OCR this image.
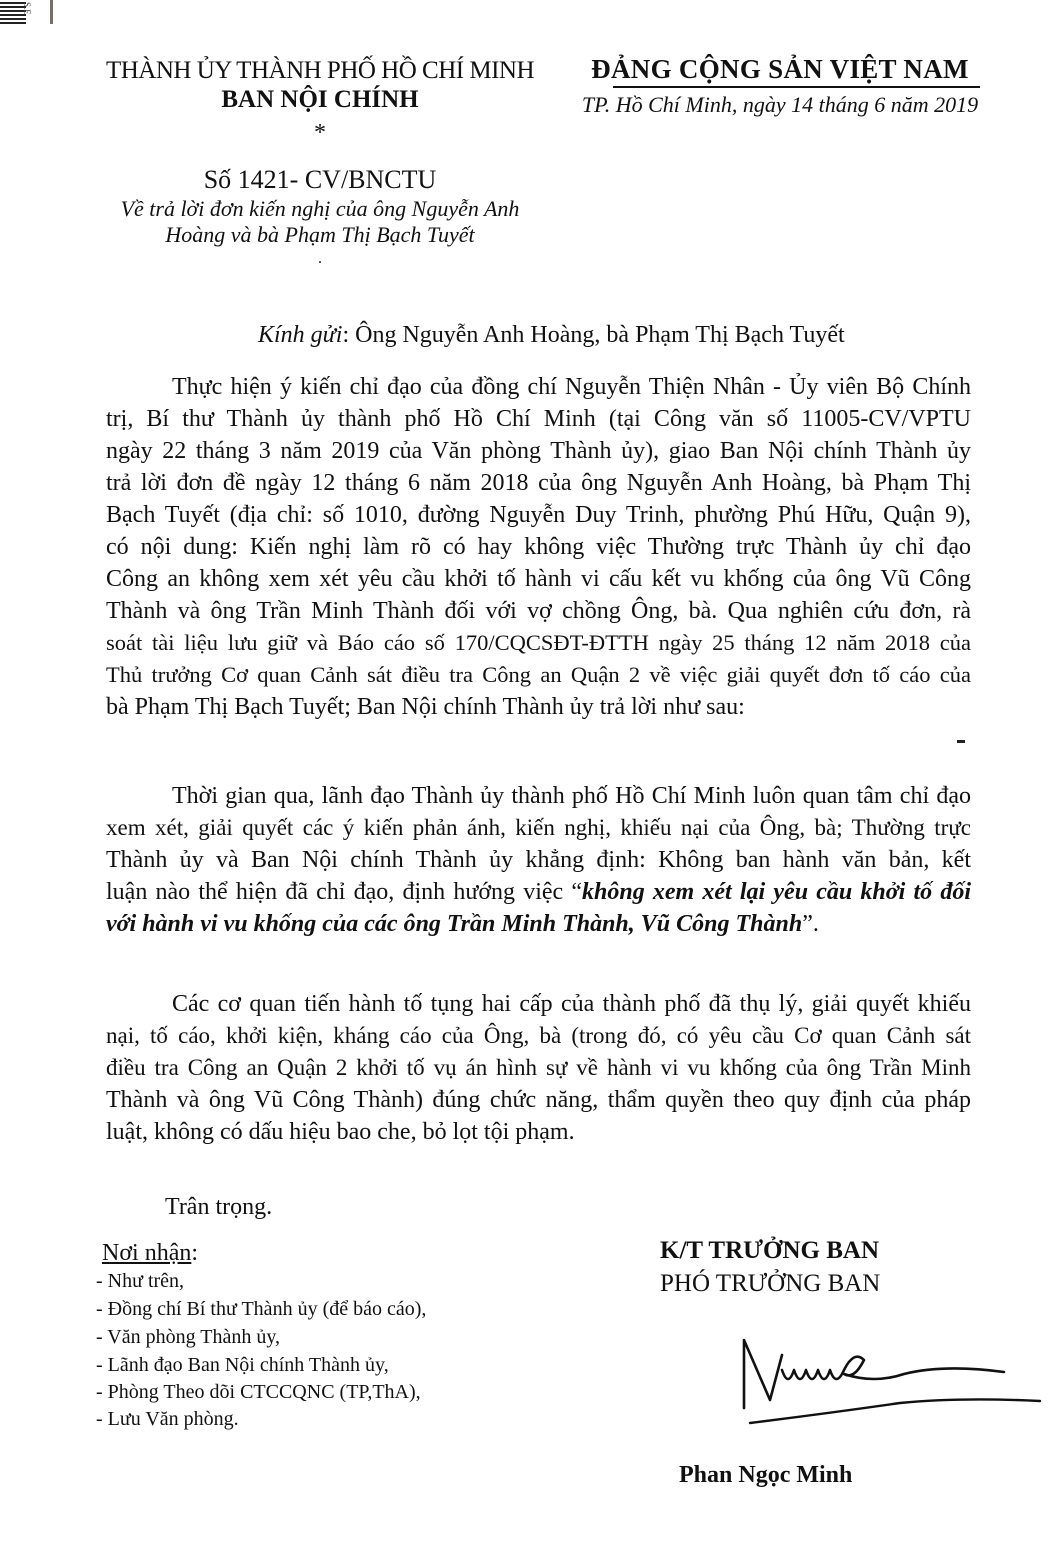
S.E
THÀNH ỦY THÀNH PHỐ HỒ CHÍ MINH
BAN NỘI CHÍNH
*
Số 1421- CV/BNCTU
Về trả lời đơn kiến nghị của ông Nguyễn Anh
Hoàng và bà Phạm Thị Bạch Tuyết
.
ĐẢNG CỘNG SẢN VIỆT NAM
TP. Hồ Chí Minh, ngày 14 tháng 6 năm 2019
Kính gửi: Ông Nguyễn Anh Hoàng, bà Phạm Thị Bạch Tuyết
Thực hiện ý kiến chỉ đạo của đồng chí Nguyễn Thiện Nhân - Ủy viên Bộ Chính
trị, Bí thư Thành ủy thành phố Hồ Chí Minh (tại Công văn số 11005-CV/VPTU
ngày 22 tháng 3 năm 2019 của Văn phòng Thành ủy), giao Ban Nội chính Thành ủy
trả lời đơn đề ngày 12 tháng 6 năm 2018 của ông Nguyễn Anh Hoàng, bà Phạm Thị
Bạch Tuyết (địa chỉ: số 1010, đường Nguyễn Duy Trinh, phường Phú Hữu, Quận 9),
có nội dung: Kiến nghị làm rõ có hay không việc Thường trực Thành ủy chỉ đạo
Công an không xem xét yêu cầu khởi tố hành vi cấu kết vu khống của ông Vũ Công
Thành và ông Trần Minh Thành đối với vợ chồng Ông, bà. Qua nghiên cứu đơn, rà
soát tài liệu lưu giữ và Báo cáo số 170/CQCSĐT-ĐTTH ngày 25 tháng 12 năm 2018 của
Thủ trưởng Cơ quan Cảnh sát điều tra Công an Quận 2 về việc giải quyết đơn tố cáo của
bà Phạm Thị Bạch Tuyết; Ban Nội chính Thành ủy trả lời như sau:
Thời gian qua, lãnh đạo Thành ủy thành phố Hồ Chí Minh luôn quan tâm chỉ đạo
xem xét, giải quyết các ý kiến phản ánh, kiến nghị, khiếu nại của Ông, bà; Thường trực
Thành ủy và Ban Nội chính Thành ủy khẳng định: Không ban hành văn bản, kết
luận nào thể hiện đã chỉ đạo, định hướng việc “không xem xét lại yêu cầu khởi tố đối
với hành vi vu khống của các ông Trần Minh Thành, Vũ Công Thành”.
Các cơ quan tiến hành tố tụng hai cấp của thành phố đã thụ lý, giải quyết khiếu
nại, tố cáo, khởi kiện, kháng cáo của Ông, bà (trong đó, có yêu cầu Cơ quan Cảnh sát
điều tra Công an Quận 2 khởi tố vụ án hình sự về hành vi vu khống của ông Trần Minh
Thành và ông Vũ Công Thành) đúng chức năng, thẩm quyền theo quy định của pháp
luật, không có dấu hiệu bao che, bỏ lọt tội phạm.
Trân trọng.
Nơi nhận:
- Như trên,
- Đồng chí Bí thư Thành ủy (để báo cáo),
- Văn phòng Thành ủy,
- Lãnh đạo Ban Nội chính Thành ủy,
- Phòng Theo dõi CTCCQNC (TP,ThA),
- Lưu Văn phòng.
K/T TRƯỞNG BAN
PHÓ TRƯỞNG BAN
Phan Ngọc Minh
